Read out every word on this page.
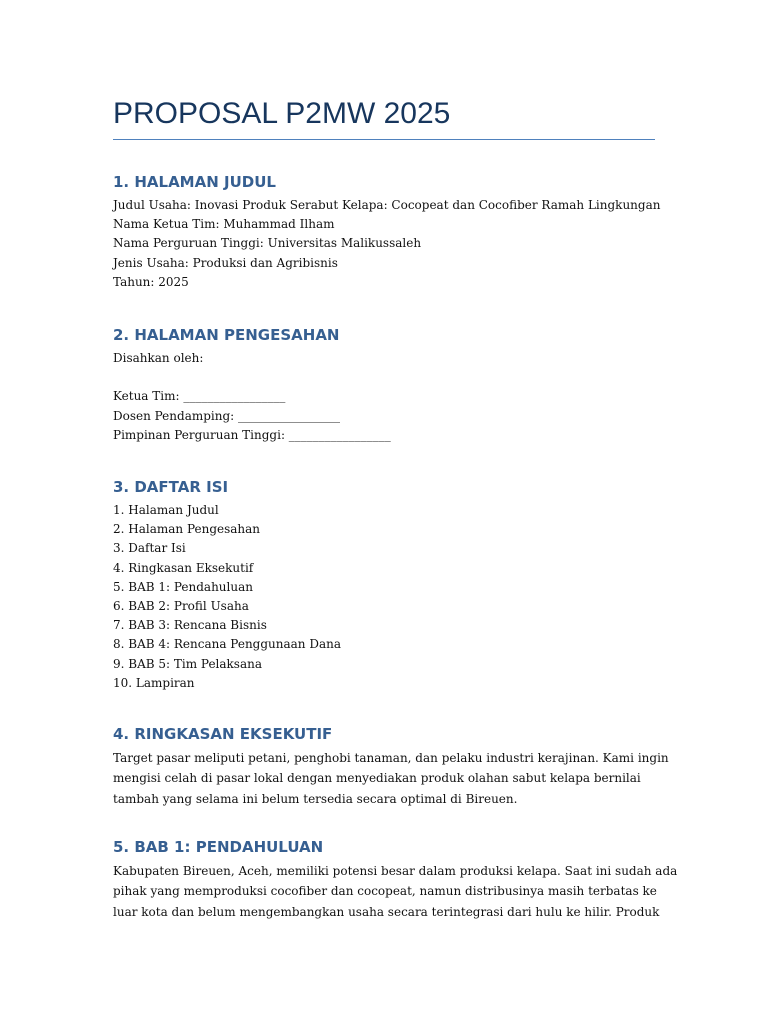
PROPOSAL P2MW 2025
1. HALAMAN JUDUL
Judul Usaha: Inovasi Produk Serabut Kelapa: Cocopeat dan Cocofiber Ramah Lingkungan
Nama Ketua Tim: Muhammad Ilham
Nama Perguruan Tinggi: Universitas Malikussaleh
Jenis Usaha: Produksi dan Agribisnis
Tahun: 2025
2. HALAMAN PENGESAHAN
Disahkan oleh:
Ketua Tim: _________________
Dosen Pendamping: _________________
Pimpinan Perguruan Tinggi: _________________
3. DAFTAR ISI
1. Halaman Judul
2. Halaman Pengesahan
3. Daftar Isi
4. Ringkasan Eksekutif
5. BAB 1: Pendahuluan
6. BAB 2: Profil Usaha
7. BAB 3: Rencana Bisnis
8. BAB 4: Rencana Penggunaan Dana
9. BAB 5: Tim Pelaksana
10. Lampiran
4. RINGKASAN EKSEKUTIF
Target pasar meliputi petani, penghobi tanaman, dan pelaku industri kerajinan. Kami ingin
mengisi celah di pasar lokal dengan menyediakan produk olahan sabut kelapa bernilai
tambah yang selama ini belum tersedia secara optimal di Bireuen.
5. BAB 1: PENDAHULUAN
Kabupaten Bireuen, Aceh, memiliki potensi besar dalam produksi kelapa. Saat ini sudah ada
pihak yang memproduksi cocofiber dan cocopeat, namun distribusinya masih terbatas ke
luar kota dan belum mengembangkan usaha secara terintegrasi dari hulu ke hilir. Produk
